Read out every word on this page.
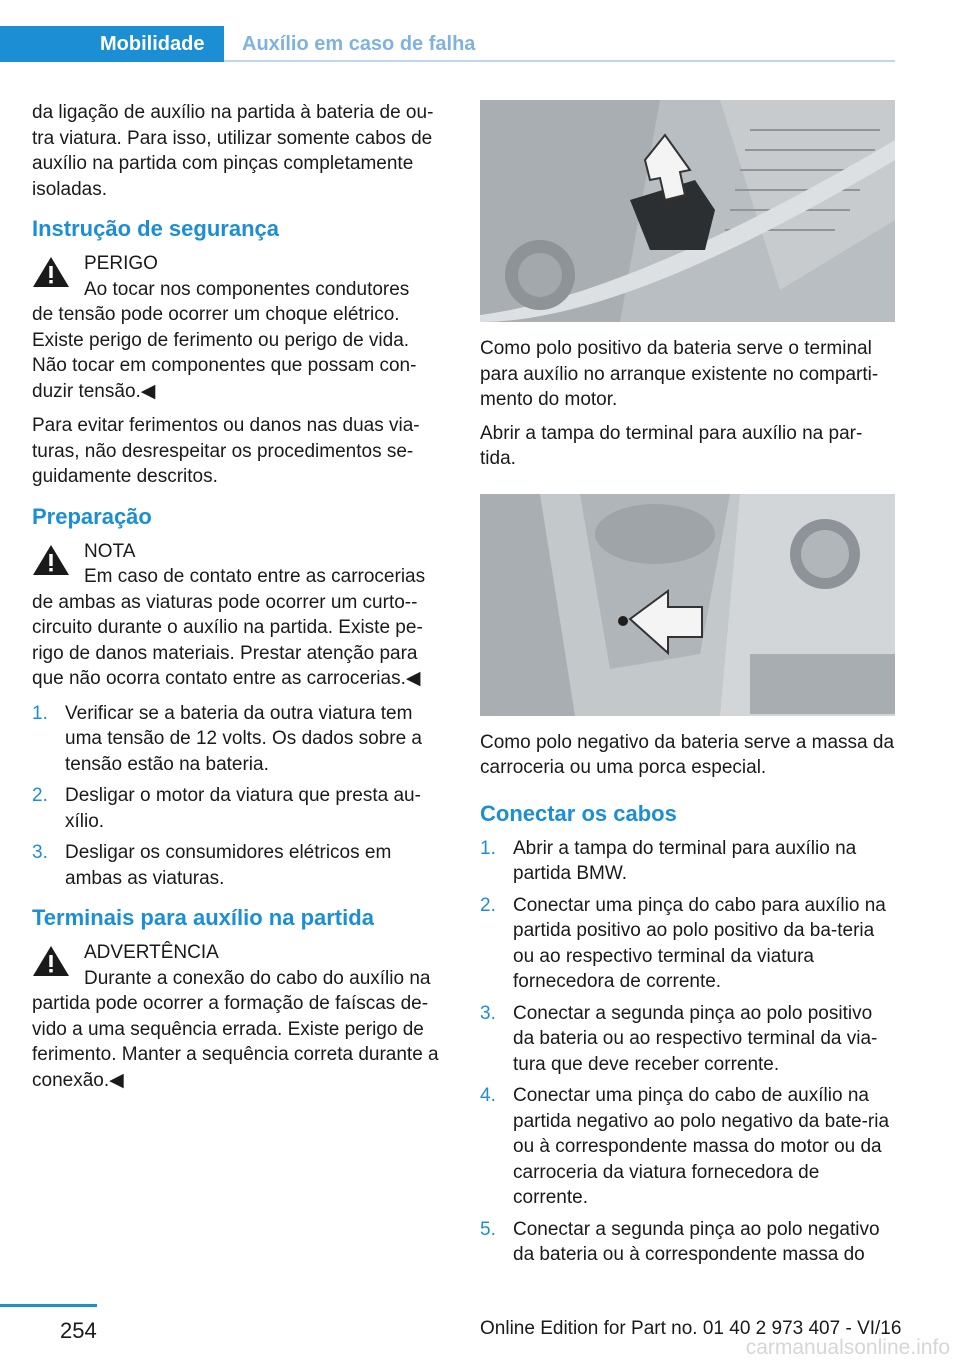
Mobilidade	Auxílio em caso de falha

da ligação de auxílio na partida à bateria de ou-tra viatura. Para isso, utilizar somente cabos de auxílio na partida com pinças completamente isoladas.

Instrução de segurança
PERIGO
Ao tocar nos componentes condutores
de tensão pode ocorrer um choque elétrico. Existe perigo de ferimento ou perigo de vida. Não tocar em componentes que possam con-duzir tensão.◀

Para evitar ferimentos ou danos nas duas via-turas, não desrespeitar os procedimentos se-guidamente descritos.

Preparação
NOTA
Em caso de contato entre as carrocerias
de ambas as viaturas pode ocorrer um curto--circuito durante o auxílio na partida. Existe pe-rigo de danos materiais. Prestar atenção para que não ocorra contato entre as carrocerias.◀
1. Verificar se a bateria da outra viatura tem uma tensão de 12 volts. Os dados sobre a tensão estão na bateria.
2. Desligar o motor da viatura que presta au-xílio.
3. Desligar os consumidores elétricos em ambas as viaturas.
Terminais para auxílio na partida
ADVERTÊNCIA
Durante a conexão do cabo do auxílio na
partida pode ocorrer a formação de faíscas de-vido a uma sequência errada. Existe perigo de ferimento. Manter a sequência correta durante a conexão.◀

Como polo positivo da bateria serve o terminal para auxílio no arranque existente no comparti-mento do motor.

Abrir a tampa do terminal para auxílio na par-tida.

Como polo negativo da bateria serve a massa da carroceria ou uma porca especial.

Conectar os cabos
1. Abrir a tampa do terminal para auxílio na partida BMW.
2. Conectar uma pinça do cabo para auxílio na partida positivo ao polo positivo da ba-teria ou ao respectivo terminal da viatura fornecedora de corrente.
3. Conectar a segunda pinça ao polo positivo da bateria ou ao respectivo terminal da via-tura que deve receber corrente.
4. Conectar uma pinça do cabo de auxílio na partida negativo ao polo negativo da bate-ria ou à correspondente massa do motor ou da carroceria da viatura fornecedora de corrente.
5. Conectar a segunda pinça ao polo negativo da bateria ou à correspondente massa do
254	Online Edition for Part no. 01 40 2 973 407 - VI/16
carmanualsonline.info
